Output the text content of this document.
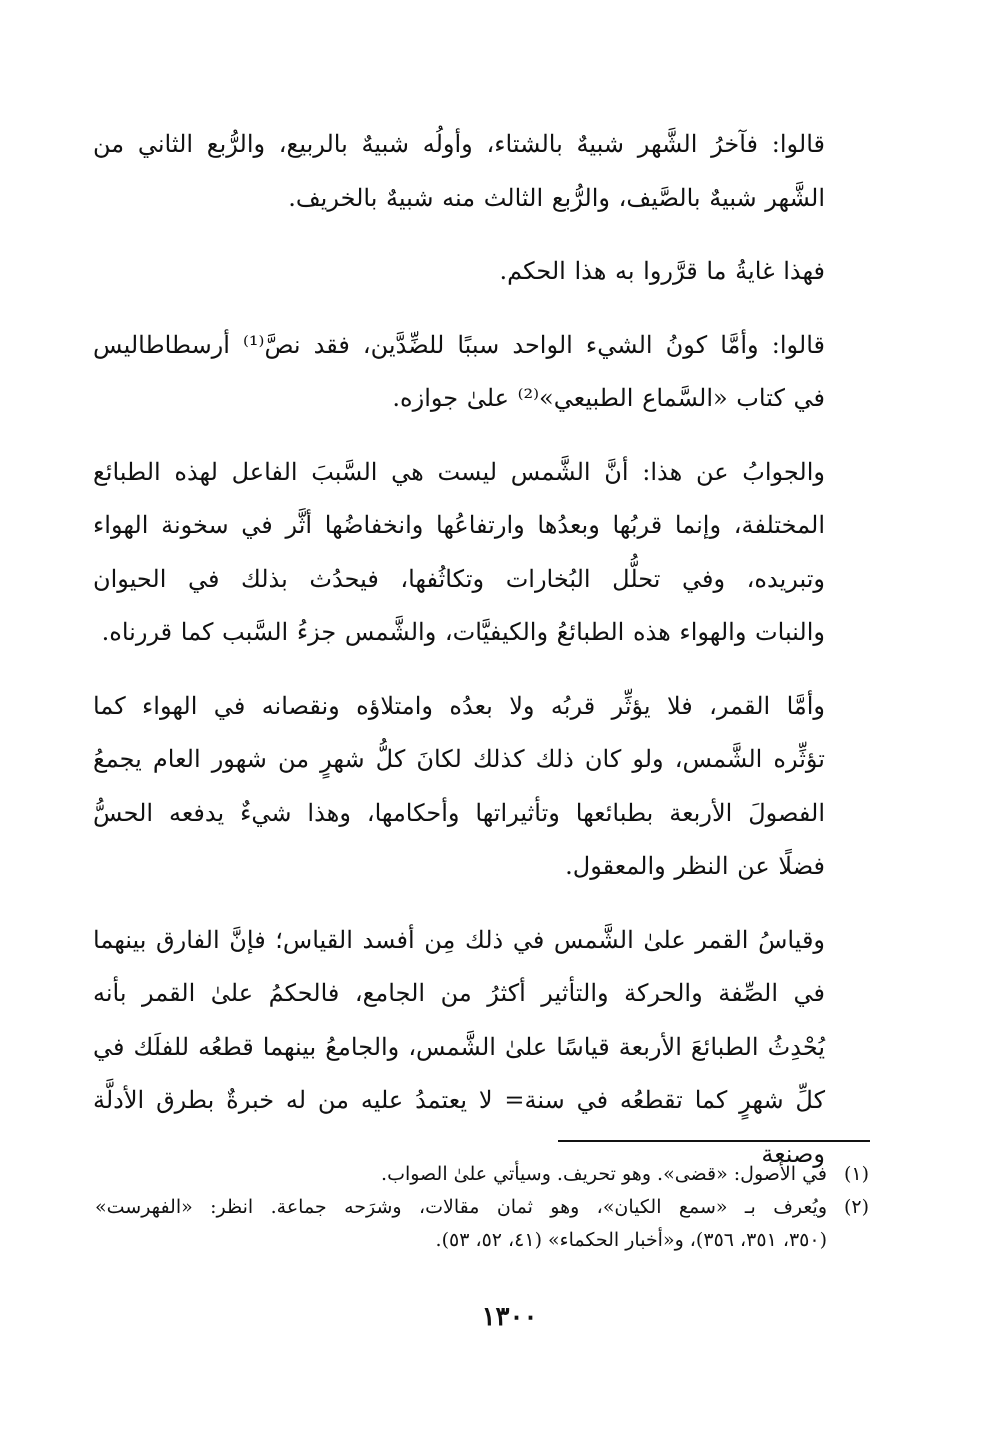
قالوا: فآخرُ الشَّهر شبيهٌ بالشتاء، وأولُه شبيهٌ بالربيع، والرُّبع الثاني من
الشَّهر شبيهٌ بالصَّيف، والرُّبع الثالث منه شبيهٌ بالخريف.

فهذا غايةُ ما قرَّروا به هذا الحكم.

قالوا: وأمَّا كونُ الشيء الواحد سببًا للضِّدَّين، فقد نصَّ⁽¹⁾ أرسطاطاليس
في كتاب «السَّماع الطبيعي»⁽²⁾ علىٰ جوازه.

والجوابُ عن هذا: أنَّ الشَّمس ليست هي السَّببَ الفاعل لهذه الطبائع
المختلفة، وإنما قربُها وبعدُها وارتفاعُها وانخفاضُها أثَّر في سخونة الهواء
وتبريده، وفي تحلُّل البُخارات وتكاثُفها، فيحدُث بذلك في الحيوان
والنبات والهواء هذه الطبائعُ والكيفيَّات، والشَّمس جزءُ السَّبب كما قررناه.

وأمَّا القمر، فلا يؤثِّر قربُه ولا بعدُه وامتلاؤه ونقصانه في الهواء كما
تؤثِّره الشَّمس، ولو كان ذلك كذلك لكانَ كلُّ شهرٍ من شهور العام يجمعُ
الفصولَ الأربعة بطبائعها وتأثيراتها وأحكامها، وهذا شيءٌ يدفعه الحسُّ
فضلًا عن النظر والمعقول.

وقياسُ القمر علىٰ الشَّمس في ذلك مِن أفسد القياس؛ فإنَّ الفارق بينهما
في الصِّفة والحركة والتأثير أكثرُ من الجامع، فالحكمُ علىٰ القمر بأنه
يُحْدِثُ الطبائعَ الأربعة قياسًا علىٰ الشَّمس، والجامعُ بينهما قطعُه للفلَك في
كلِّ شهرٍ كما تقطعُه في سنة= لا يعتمدُ عليه من له خبرةٌ بطرق الأدلَّة وصنعة

(١)
في الأصول: «قضى». وهو تحريف. وسيأتي علىٰ الصواب.
(٢)
ويُعرف بـ «سمع الكيان»، وهو ثمان مقالات، وشرَحه جماعة. انظر: «الفهرست»
(٣٥٠، ٣٥١، ٣٥٦)، و«أخبار الحكماء» (٤١، ٥٢، ٥٣).
١٣٠٠
